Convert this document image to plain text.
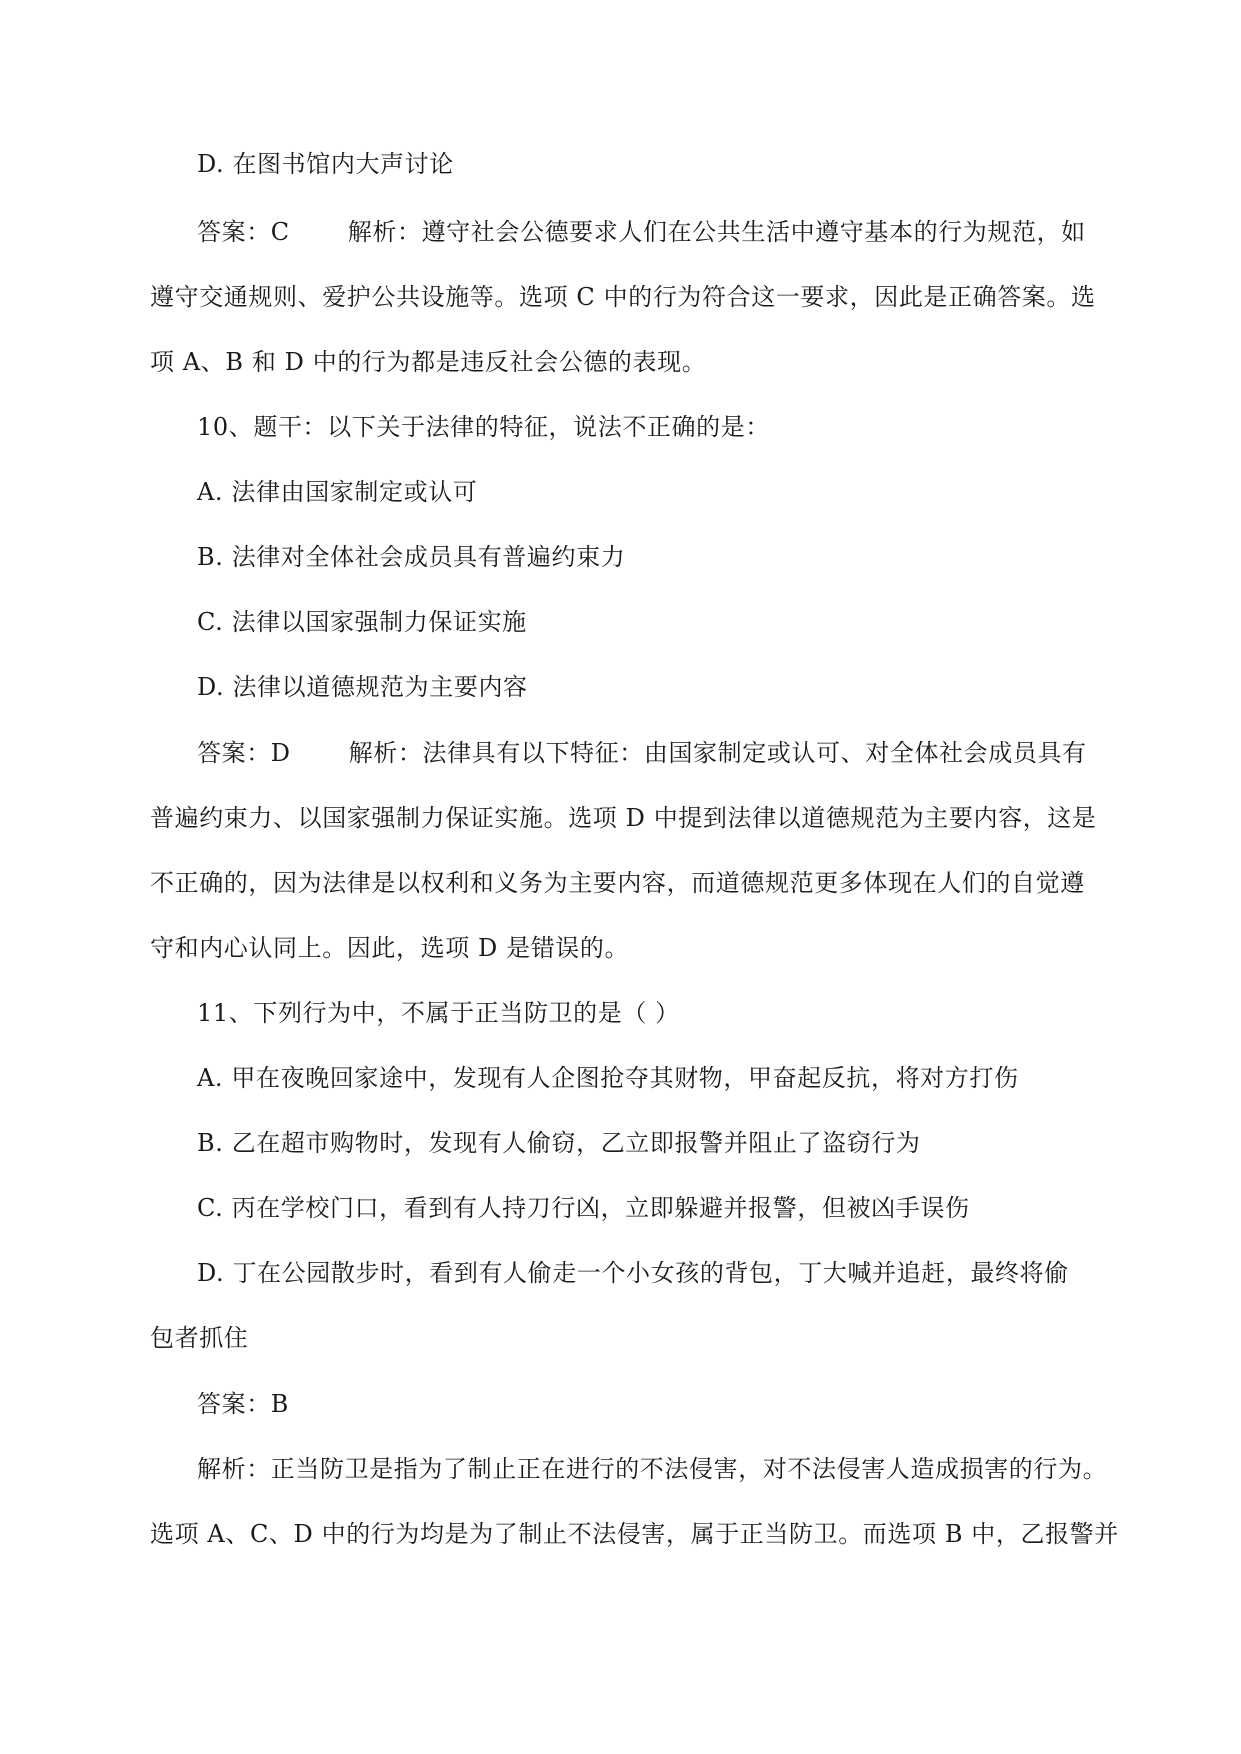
D. 在图书馆内大声讨论
答案：C 解析：遵守社会公德要求人们在公共生活中遵守基本的行为规范，如
遵守交通规则、爱护公共设施等。选项 C 中的行为符合这一要求，因此是正确答案。选
项 A、B 和 D 中的行为都是违反社会公德的表现。
10、题干：以下关于法律的特征，说法不正确的是：
A. 法律由国家制定或认可
B. 法律对全体社会成员具有普遍约束力
C. 法律以国家强制力保证实施
D. 法律以道德规范为主要内容
答案：D 解析：法律具有以下特征：由国家制定或认可、对全体社会成员具有
普遍约束力、以国家强制力保证实施。选项 D 中提到法律以道德规范为主要内容，这是
不正确的，因为法律是以权利和义务为主要内容，而道德规范更多体现在人们的自觉遵
守和内心认同上。因此，选项 D 是错误的。
11、下列行为中，不属于正当防卫的是（ ）
A. 甲在夜晚回家途中，发现有人企图抢夺其财物，甲奋起反抗，将对方打伤
B. 乙在超市购物时，发现有人偷窃，乙立即报警并阻止了盗窃行为
C. 丙在学校门口，看到有人持刀行凶，立即躲避并报警，但被凶手误伤
D. 丁在公园散步时，看到有人偷走一个小女孩的背包，丁大喊并追赶，最终将偷
包者抓住
答案：B
解析：正当防卫是指为了制止正在进行的不法侵害，对不法侵害人造成损害的行为。
选项 A、C、D 中的行为均是为了制止不法侵害，属于正当防卫。而选项 B 中，乙报警并
